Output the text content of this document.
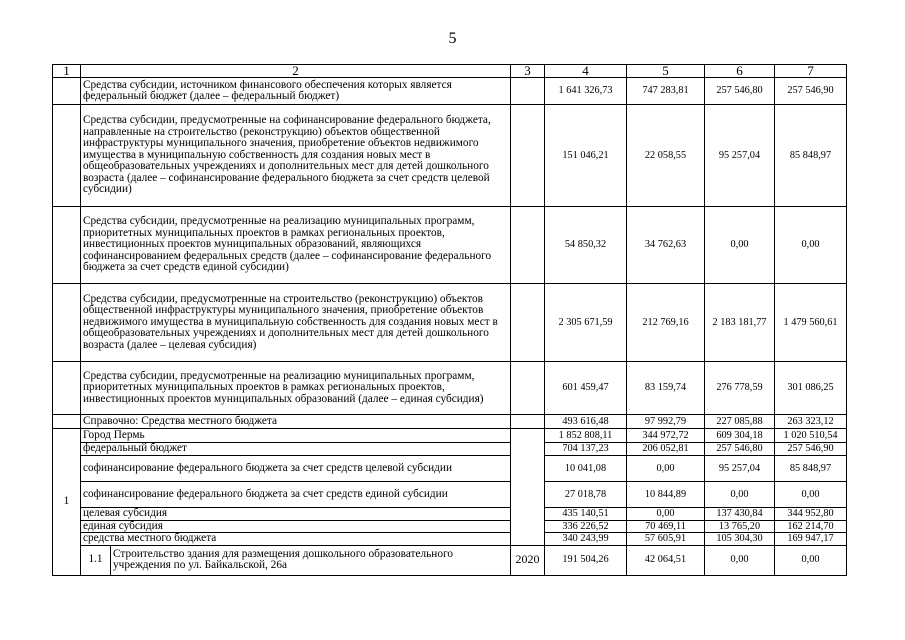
5
1	2		3	4	5	6	7
	Средства субсидии, источником финансового обеспечения которых является федеральный бюджет (далее – федеральный бюджет)			1 641 326,73	747 283,81	257 546,80	257 546,90
	Средства субсидии, предусмотренные на софинансирование федерального бюджета, направленные на строительство (реконструкцию) объектов общественной инфраструктуры муниципального значения, приобретение объектов недвижимого имущества в муниципальную собственность для создания новых мест в общеобразовательных учреждениях и дополнительных мест для детей дошкольного возраста (далее – софинансирование федерального бюджета за счет средств целевой субсидии)			151 046,21	22 058,55	95 257,04	85 848,97
	Средства субсидии, предусмотренные на реализацию муниципальных программ, приоритетных муниципальных проектов в рамках региональных проектов, инвестиционных проектов муниципальных образований, являющихся софинансированием федеральных средств (далее – софинансирование федерального бюджета за счет средств единой субсидии)			54 850,32	34 762,63	0,00	0,00
	Средства субсидии, предусмотренные на строительство (реконструкцию) объектов общественной инфраструктуры муниципального значения, приобретение объектов недвижимого имущества в муниципальную собственность для создания новых мест в общеобразовательных учреждениях и дополнительных мест для детей дошкольного возраста (далее – целевая субсидия)			2 305 671,59	212 769,16	2 183 181,77	1 479 560,61
	Средства субсидии, предусмотренные на реализацию муниципальных программ, приоритетных муниципальных проектов в рамках региональных проектов, инвестиционных проектов муниципальных образований (далее – единая субсидия)			601 459,47	83 159,74	276 778,59	301 086,25
	Справочно: Средства местного бюджета			493 616,48	97 992,79	227 085,88	263 323,12
1	Город Пермь			1 852 808,11	344 972,72	609 304,18	1 020 510,54
	федеральный бюджет			704 137,23	206 052,81	257 546,80	257 546,90
	софинансирование федерального бюджета за счет средств целевой субсидии			10 041,08	0,00	95 257,04	85 848,97
	софинансирование федерального бюджета за счет средств единой субсидии			27 018,78	10 844,89	0,00	0,00
	целевая субсидия			435 140,51	0,00	137 430,84	344 952,80
	единая субсидия			336 226,52	70 469,11	13 765,20	162 214,70
	средства местного бюджета			340 243,99	57 605,91	105 304,30	169 947,17
	1.1	Строительство здания для размещения дошкольного образовательного учреждения по ул. Байкальской, 26а	2020	191 504,26	42 064,51	0,00	0,00
